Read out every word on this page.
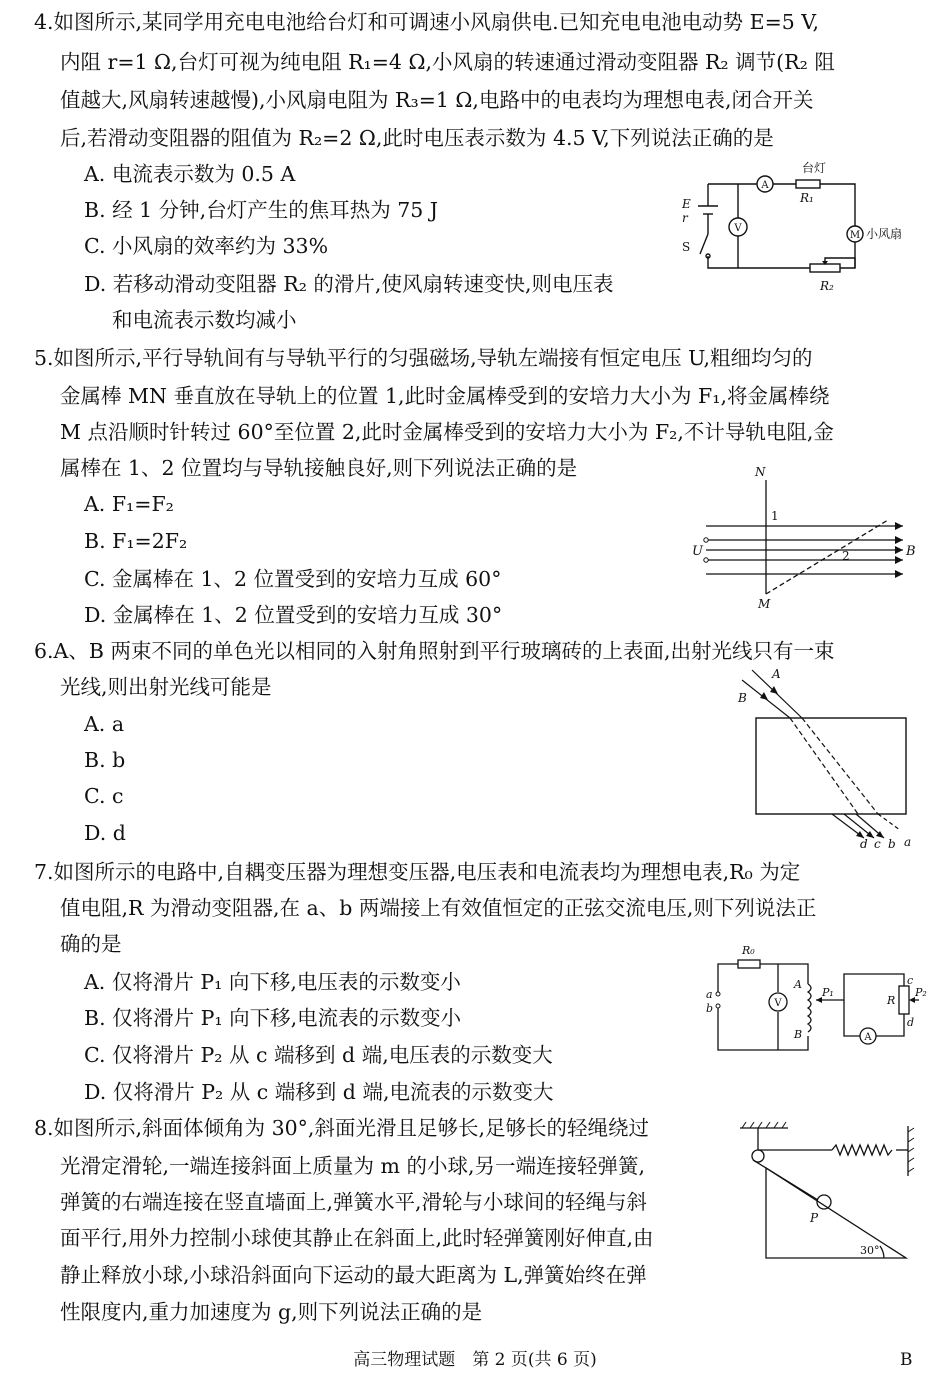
4.如图所示,某同学用充电电池给台灯和可调速小风扇供电.已知充电电池电动势 E=5 V,
内阻 r=1 Ω,台灯可视为纯电阻 R₁=4 Ω,小风扇的转速通过滑动变阻器 R₂ 调节(R₂ 阻
值越大,风扇转速越慢),小风扇电阻为 R₃=1 Ω,电路中的电表均为理想电表,闭合开关
后,若滑动变阻器的阻值为 R₂=2 Ω,此时电压表示数为 4.5 V,下列说法正确的是
A. 电流表示数为 0.5 A
B. 经 1 分钟,台灯产生的焦耳热为 75 J
C. 小风扇的效率约为 33%
D. 若移动滑动变阻器 R₂ 的滑片,使风扇转速变快,则电压表
和电流表示数均减小
A
V
M
台灯
R₁
小风扇
R₂
E
r
S
5.如图所示,平行导轨间有与导轨平行的匀强磁场,导轨左端接有恒定电压 U,粗细均匀的
金属棒 MN 垂直放在导轨上的位置 1,此时金属棒受到的安培力大小为 F₁,将金属棒绕
M 点沿顺时针转过 60°至位置 2,此时金属棒受到的安培力大小为 F₂,不计导轨电阻,金
属棒在 1、2 位置均与导轨接触良好,则下列说法正确的是
A. F₁=F₂
B. F₁=2F₂
C. 金属棒在 1、2 位置受到的安培力互成 60°
D. 金属棒在 1、2 位置受到的安培力互成 30°
N
M
U	B
1
2
6.A、B 两束不同的单色光以相同的入射角照射到平行玻璃砖的上表面,出射光线只有一束
光线,则出射光线可能是
A. a
B. b
C. c
D. d
A
B
d c b a
7.如图所示的电路中,自耦变压器为理想变压器,电压表和电流表均为理想电表,R₀ 为定
值电阻,R 为滑动变阻器,在 a、b 两端接上有效值恒定的正弦交流电压,则下列说法正
确的是
A. 仅将滑片 P₁ 向下移,电压表的示数变小
B. 仅将滑片 P₁ 向下移,电流表的示数变小
C. 仅将滑片 P₂ 从 c 端移到 d 端,电压表的示数变大
D. 仅将滑片 P₂ 从 c 端移到 d 端,电流表的示数变大
R₀
a
b	V
A
B
P₁
R
c
d
P₂
A
8.如图所示,斜面体倾角为 30°,斜面光滑且足够长,足够长的轻绳绕过
光滑定滑轮,一端连接斜面上质量为 m 的小球,另一端连接轻弹簧,
弹簧的右端连接在竖直墙面上,弹簧水平,滑轮与小球间的轻绳与斜
面平行,用外力控制小球使其静止在斜面上,此时轻弹簧刚好伸直,由
静止释放小球,小球沿斜面向下运动的最大距离为 L,弹簧始终在弹
性限度内,重力加速度为 g,则下列说法正确的是
P
30°
高三物理试题　第 2 页(共 6 页)	B
